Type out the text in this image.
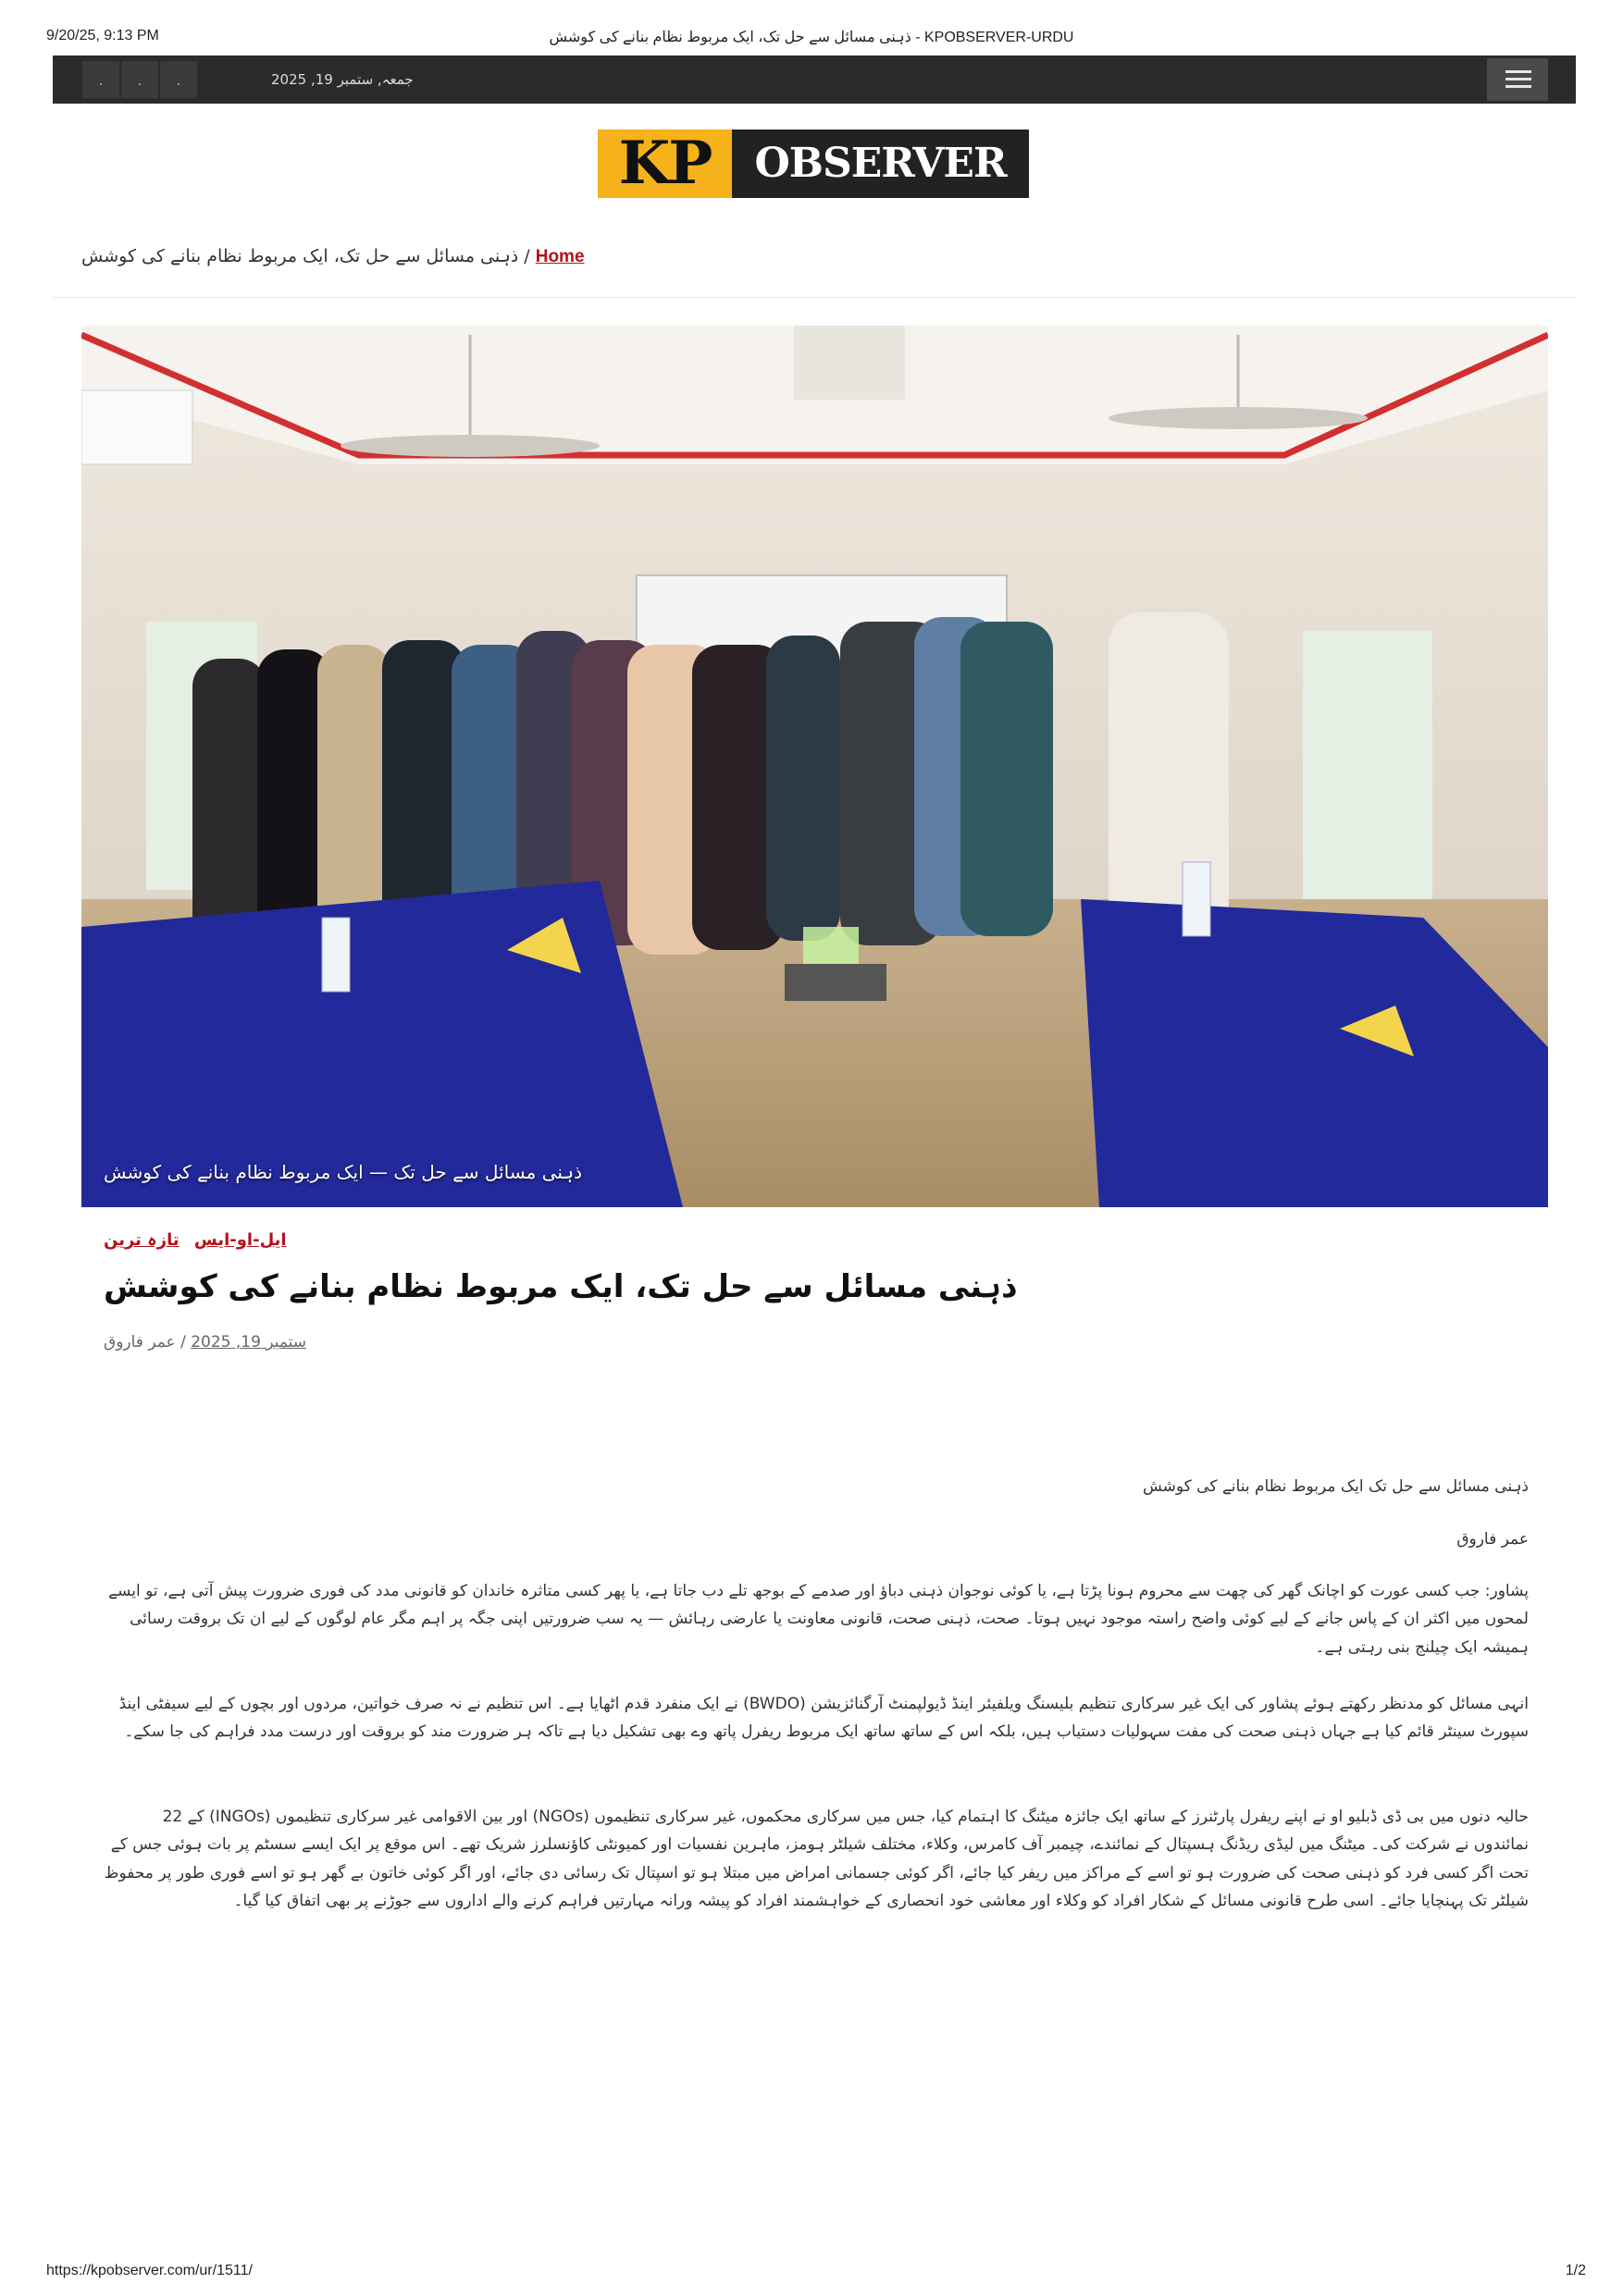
9/20/25, 9:13 PM	ذہنی مسائل سے حل تک، ایک مربوط نظام بنانے کی کوشش - KPOBSERVER-URDU
.	.	.	جمعہ, ستمبر 19, 2025
KP	OBSERVER
ذہنی مسائل سے حل تک، ایک مربوط نظام بنانے کی کوشش / Home
ذہنی مسائل سے حل تک — ایک مربوط نظام بنانے کی کوشش
ایل-او-ایس تازہ ترین
ذہنی مسائل سے حل تک، ایک مربوط نظام بنانے کی کوشش
ستمبر 19, 2025 / عمر فاروق

ذہنی مسائل سے حل تک ایک مربوط نظام بنانے کی کوشش

عمر فاروق

پشاور: جب کسی عورت کو اچانک گھر کی چھت سے محروم ہونا پڑتا ہے، یا کوئی نوجوان ذہنی دباؤ اور صدمے کے بوجھ تلے دب جاتا ہے، یا پھر کسی متاثرہ خاندان کو قانونی مدد کی فوری ضرورت پیش آتی ہے، تو ایسے لمحوں میں اکثر ان کے پاس جانے کے لیے کوئی واضح راستہ موجود نہیں ہوتا۔ صحت، ذہنی صحت، قانونی معاونت یا عارضی رہائش — یہ سب ضرورتیں اپنی جگہ پر اہم مگر عام لوگوں کے لیے ان تک بروقت رسائی ہمیشہ ایک چیلنج بنی رہتی ہے۔

انہی مسائل کو مدنظر رکھتے ہوئے پشاور کی ایک غیر سرکاری تنظیم بلیسنگ ویلفیئر اینڈ ڈیولپمنٹ آرگنائزیشن (BWDO) نے ایک منفرد قدم اٹھایا ہے۔ اس تنظیم نے نہ صرف خواتین، مردوں اور بچوں کے لیے سیفٹی اینڈ سپورٹ سینٹر قائم کیا ہے جہاں ذہنی صحت کی مفت سہولیات دستیاب ہیں، بلکہ اس کے ساتھ ساتھ ایک مربوط ریفرل پاتھ وے بھی تشکیل دیا ہے تاکہ ہر ضرورت مند کو بروقت اور درست مدد فراہم کی جا سکے۔

حالیہ دنوں میں بی ڈی ڈبلیو او نے اپنے ریفرل پارٹنرز کے ساتھ ایک جائزہ میٹنگ کا اہتمام کیا، جس میں سرکاری محکموں، غیر سرکاری تنظیموں (NGOs) اور بین الاقوامی غیر سرکاری تنظیموں (INGOs) کے 22 نمائندوں نے شرکت کی۔ میٹنگ میں لیڈی ریڈنگ ہسپتال کے نمائندے، چیمبر آف کامرس، وکلاء، مختلف شیلٹر ہومز، ماہرین نفسیات اور کمیونٹی کاؤنسلرز شریک تھے۔ اس موقع پر ایک ایسے سسٹم پر بات ہوئی جس کے تحت اگر کسی فرد کو ذہنی صحت کی ضرورت ہو تو اسے کے مراکز میں ریفر کیا جائے، اگر کوئی جسمانی امراض میں مبتلا ہو تو اسپتال تک رسائی دی جائے، اور اگر کوئی خاتون بے گھر ہو تو اسے فوری طور پر محفوظ شیلٹر تک پہنچایا جائے۔ اسی طرح قانونی مسائل کے شکار افراد کو وکلاء اور معاشی خود انحصاری کے خواہشمند افراد کو پیشہ ورانہ مہارتیں فراہم کرنے والے اداروں سے جوڑنے پر بھی اتفاق کیا گیا۔

https://kpobserver.com/ur/1511/	1/2
